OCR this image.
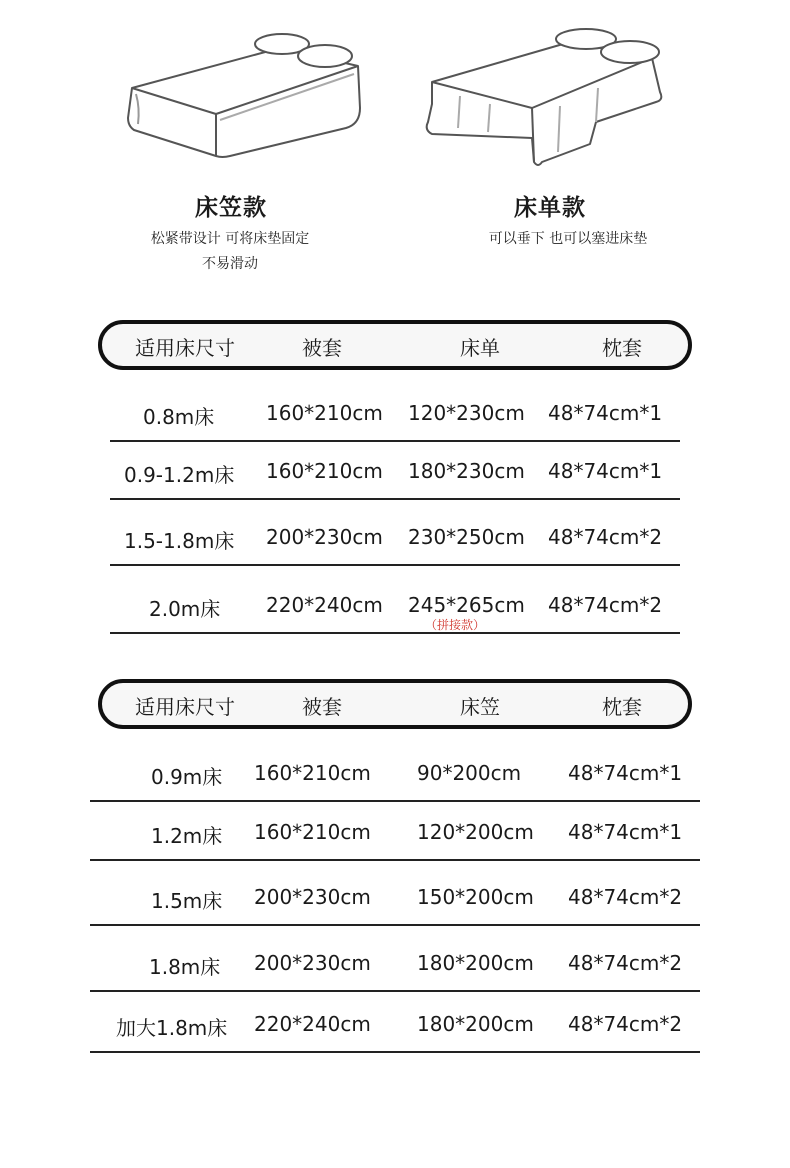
床笠款
松紧带设计 可将床垫固定
不易滑动
床单款
可以垂下 也可以塞进床垫
适用床尺寸	被套	床单	枕套
0.8m床	160*210cm 120*230cm 48*74cm*1
0.9-1.2m床 160*210cm 180*230cm 48*74cm*1
1.5-1.8m床 200*230cm 230*250cm 48*74cm*2
2.0m床 220*240cm 245*265cm 48*74cm*2
（拼接款）
适用床尺寸	被套	床笠	枕套
0.9m床 160*210cm 90*200cm 48*74cm*1
1.2m床 160*210cm 120*200cm 48*74cm*1
1.5m床 200*230cm 150*200cm 48*74cm*2
1.8m床 200*230cm 180*200cm 48*74cm*2
加大1.8m床 220*240cm 180*200cm 48*74cm*2
